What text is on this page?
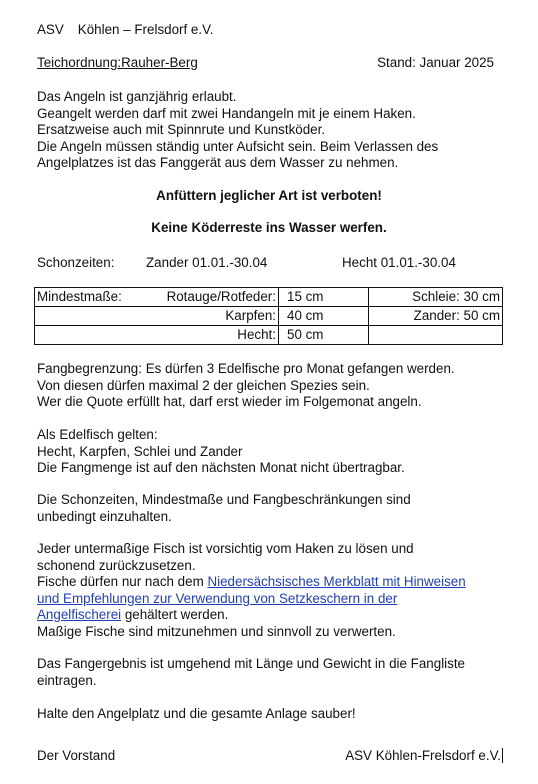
ASV Köhlen – Frelsdorf e.V.
Teichordnung:Rauher-Berg	Stand: Januar 2025
Das Angeln ist ganzjährig erlaubt.
Geangelt werden darf mit zwei Handangeln mit je einem Haken.
Ersatzweise auch mit Spinnrute und Kunstköder.
Die Angeln müssen ständig unter Aufsicht sein. Beim Verlassen des
Angelplatzes ist das Fanggerät aus dem Wasser zu nehmen.
Anfüttern jeglicher Art ist verboten!
Keine Köderreste ins Wasser werfen.
Schonzeiten: Zander 01.01.-30.04	Hecht 01.01.-30.04
Mindestmaße: Rotauge/Rotfeder:	15 cm	Schleie: 30 cm

Karpfen:	40 cm	Zander: 50 cm

Hecht:	50 cm	
Fangbegrenzung: Es dürfen 3 Edelfische pro Monat gefangen werden.
Von diesen dürfen maximal 2 der gleichen Spezies sein.
Wer die Quote erfüllt hat, darf erst wieder im Folgemonat angeln.
Als Edelfisch gelten:
Hecht, Karpfen, Schlei und Zander
Die Fangmenge ist auf den nächsten Monat nicht übertragbar.
Die Schonzeiten, Mindestmaße und Fangbeschränkungen sind
unbedingt einzuhalten.
Jeder untermaßige Fisch ist vorsichtig vom Haken zu lösen und
schonend zurückzusetzen.
Fische dürfen nur nach dem Niedersächsisches Merkblatt mit Hinweisen
und Empfehlungen zur Verwendung von Setzkeschern in der
Angelfischerei gehältert werden.
Maßige Fische sind mitzunehmen und sinnvoll zu verwerten.
Das Fangergebnis ist umgehend mit Länge und Gewicht in die Fangliste
eintragen.
Halte den Angelplatz und die gesamte Anlage sauber!
Der Vorstand	ASV Köhlen-Frelsdorf e.V.
